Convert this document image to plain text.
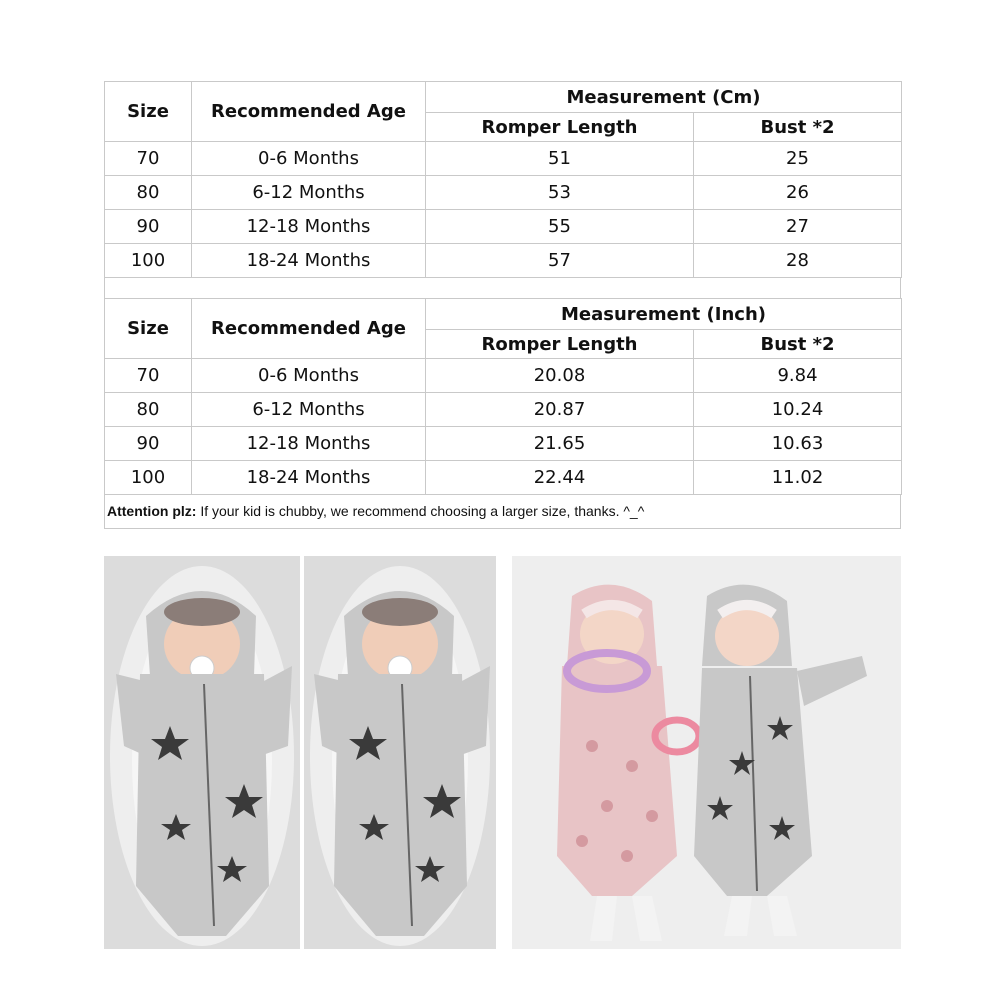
Size	Recommended Age	Measurement (Cm)	
		Romper Length	Bust *2
70	0-6 Months	51	25
80	6-12 Months	53	26
90	12-18 Months	55	27
100	18-24 Months	57	28
Size	Recommended Age	Measurement (Inch)	
		Romper Length	Bust *2
70	0-6 Months	20.08	9.84
80	6-12 Months	20.87	10.24
90	12-18 Months	21.65	10.63
100	18-24 Months	22.44	11.02
Attention plz: If your kid is chubby, we recommend choosing a larger size, thanks. ^_^
